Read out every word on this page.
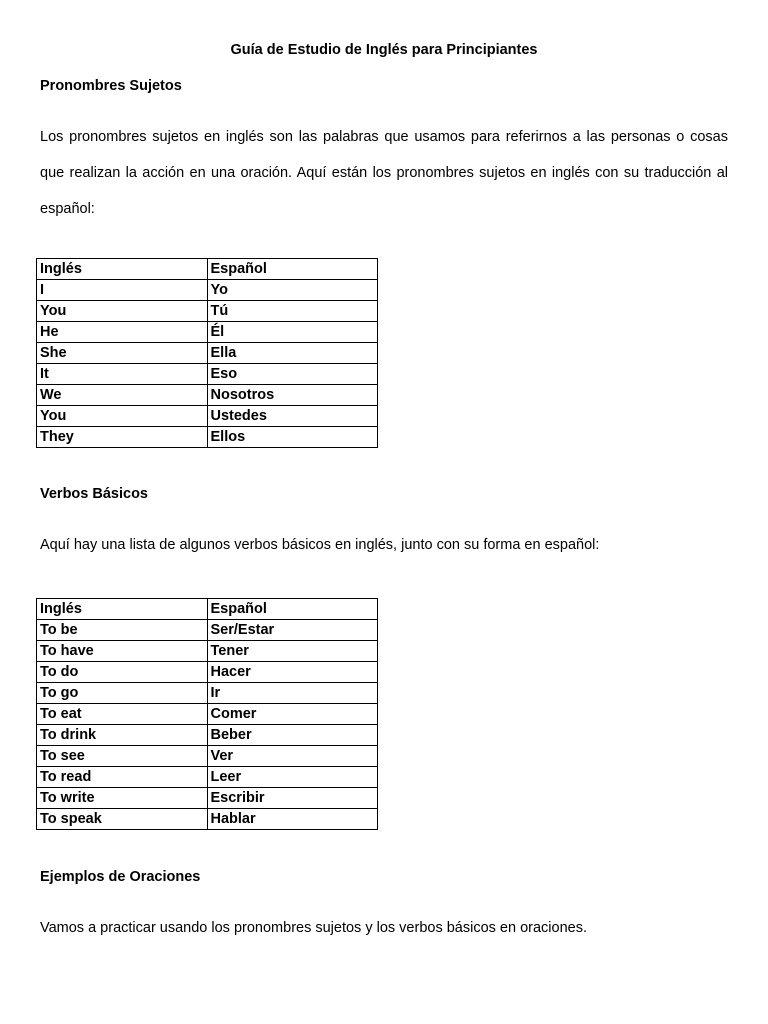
Guía de Estudio de Inglés para Principiantes
Pronombres Sujetos
Los pronombres sujetos en inglés son las palabras que usamos para referirnos a las personas o cosas que realizan la acción en una oración. Aquí están los pronombres sujetos en inglés con su traducción al español:
Inglés	Español
I	Yo
You	Tú
He	Él
She	Ella
It	Eso
We	Nosotros
You	Ustedes
They	Ellos
Verbos Básicos
Aquí hay una lista de algunos verbos básicos en inglés, junto con su forma en español:
Inglés	Español
To be	Ser/Estar
To have	Tener
To do	Hacer
To go	Ir
To eat	Comer
To drink	Beber
To see	Ver
To read	Leer
To write	Escribir
To speak	Hablar
Ejemplos de Oraciones
Vamos a practicar usando los pronombres sujetos y los verbos básicos en oraciones.
